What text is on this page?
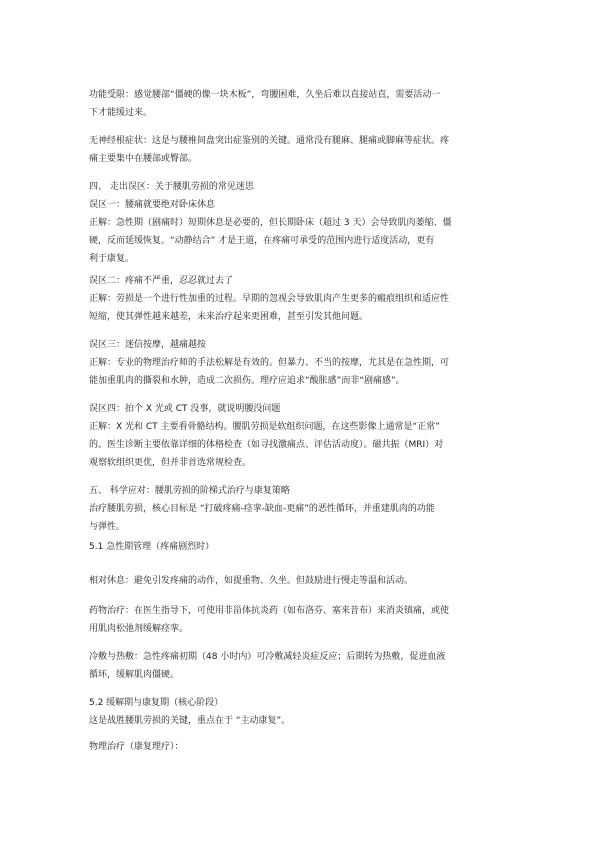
功能受限：感觉腰部“僵硬的像一块木板”，弯腰困难，久坐后难以直接站直，需要活动一
下才能缓过来。
无神经根症状：这是与腰椎间盘突出症鉴别的关键。通常没有腿麻、腿痛或脚麻等症状。疼
痛主要集中在腰部或臀部。
四、 走出误区：关于腰肌劳损的常见迷思
误区一：腰痛就要绝对卧床休息
正解：急性期（剧痛时）短期休息是必要的，但长期卧床（超过 3 天）会导致肌肉萎缩、僵
硬，反而延缓恢复。“动静结合” 才是王道，在疼痛可承受的范围内进行适度活动，更有
利于康复。
误区二：疼痛不严重，忍忍就过去了
正解：劳损是一个进行性加重的过程。早期的忽视会导致肌肉产生更多的瘢痕组织和适应性
短缩，使其弹性越来越差，未来治疗起来更困难，甚至引发其他问题。
误区三：迷信按摩，越痛越按
正解：专业的物理治疗师的手法松解是有效的。但暴力、不当的按摩，尤其是在急性期，可
能加重肌肉的撕裂和水肿，造成二次损伤。理疗应追求“酸胀感”而非“剧痛感”。
误区四：拍个 X 光或 CT 没事，就说明腰没问题
正解：X 光和 CT 主要看骨骼结构。腰肌劳损是软组织问题，在这些影像上通常是“正常”
的。医生诊断主要依靠详细的体格检查（如寻找激痛点、评估活动度）。磁共振（MRI）对
观察软组织更优，但并非首选常规检查。
五、 科学应对：腰肌劳损的阶梯式治疗与康复策略
治疗腰肌劳损，核心目标是 “打破疼痛-痉挛-缺血-更痛”的恶性循环，并重建肌肉的功能
与弹性。
5.1 急性期管理（疼痛剧烈时）
相对休息：避免引发疼痛的动作，如提重物、久坐。但鼓励进行慢走等温和活动。
药物治疗：在医生指导下，可使用非甾体抗炎药（如布洛芬、塞来昔布）来消炎镇痛，或使
用肌肉松弛剂缓解痉挛。
冷敷与热敷：急性疼痛初期（48 小时内）可冷敷减轻炎症反应；后期转为热敷，促进血液
循环，缓解肌肉僵硬。
5.2 缓解期与康复期（核心阶段）
这是战胜腰肌劳损的关键，重点在于 “主动康复”。
物理治疗（康复理疗）：
